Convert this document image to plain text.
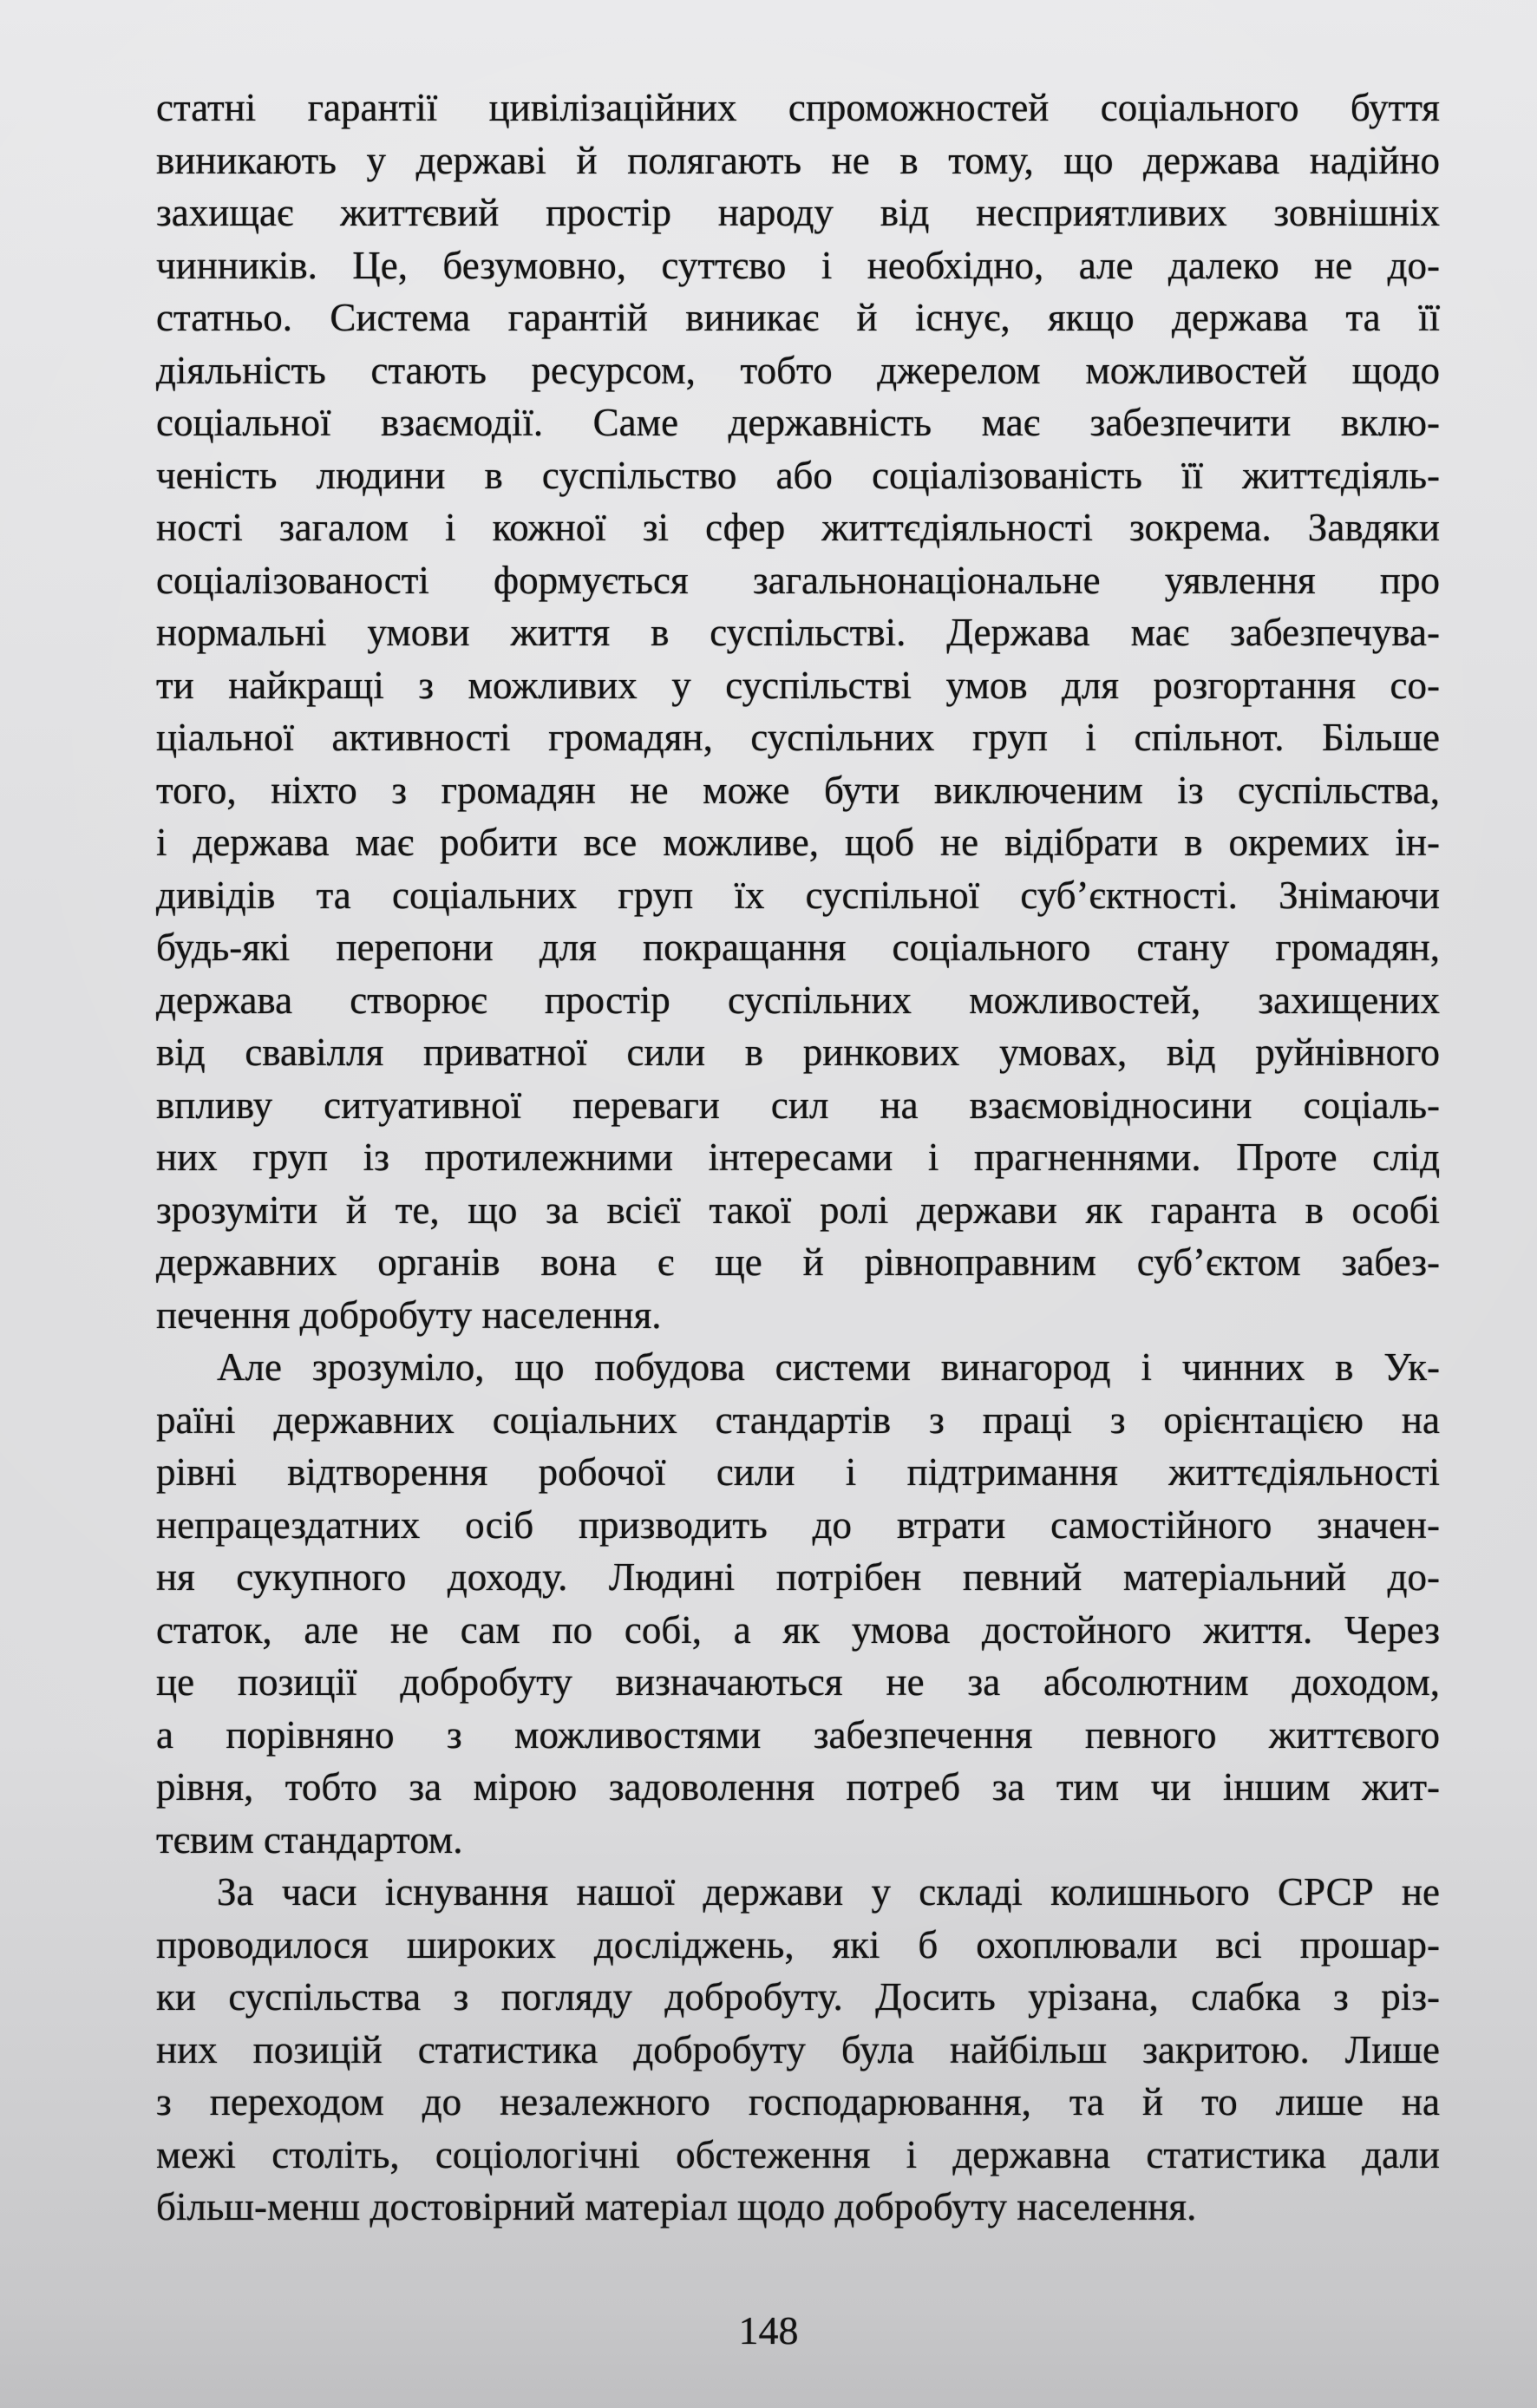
статні гарантії цивілізаційних спроможностей соціального буття
виникають у державі й полягають не в тому, що держава надійно
захищає життєвий простір народу від несприятливих зовнішніх
чинників. Це, безумовно, суттєво і необхідно, але далеко не до-
статньо. Система гарантій виникає й існує, якщо держава та її
діяльність стають ресурсом, тобто джерелом можливостей щодо
соціальної взаємодії. Саме державність має забезпечити вклю-
ченість людини в суспільство або соціалізованість її життєдіяль-
ності загалом і кожної зі сфер життєдіяльності зокрема. Завдяки
соціалізованості формується загальнонаціональне уявлення про
нормальні умови життя в суспільстві. Держава має забезпечува-
ти найкращі з можливих у суспільстві умов для розгортання со-
ціальної активності громадян, суспільних груп і спільнот. Більше
того, ніхто з громадян не може бути виключеним із суспільства,
і держава має робити все можливе, щоб не відібрати в окремих ін-
дивідів та соціальних груп їх суспільної суб’єктності. Знімаючи
будь-які перепони для покращання соціального стану громадян,
держава створює простір суспільних можливостей, захищених
від свавілля приватної сили в ринкових умовах, від руйнівного
впливу ситуативної переваги сил на взаємовідносини соціаль-
них груп із протилежними інтересами і прагненнями. Проте слід
зрозуміти й те, що за всієї такої ролі держави як гаранта в особі
державних органів вона є ще й рівноправним суб’єктом забез-
печення добробуту населення.

Але зрозуміло, що побудова системи винагород і чинних в Ук-
раїні державних соціальних стандартів з праці з орієнтацією на
рівні відтворення робочої сили і підтримання життєдіяльності
непрацездатних осіб призводить до втрати самостійного значен-
ня сукупного доходу. Людині потрібен певний матеріальний до-
статок, але не сам по собі, а як умова достойного життя. Через
це позиції добробуту визначаються не за абсолютним доходом,
а порівняно з можливостями забезпечення певного життєвого
рівня, тобто за мірою задоволення потреб за тим чи іншим жит-
тєвим стандартом.

За часи існування нашої держави у складі колишнього СРСР не
проводилося широких досліджень, які б охоплювали всі прошар-
ки суспільства з погляду добробуту. Досить урізана, слабка з різ-
них позицій статистика добробуту була найбільш закритою. Лише
з переходом до незалежного господарювання, та й то лише на
межі століть, соціологічні обстеження і державна статистика дали
більш-менш достовірний матеріал щодо добробуту населення.

148
